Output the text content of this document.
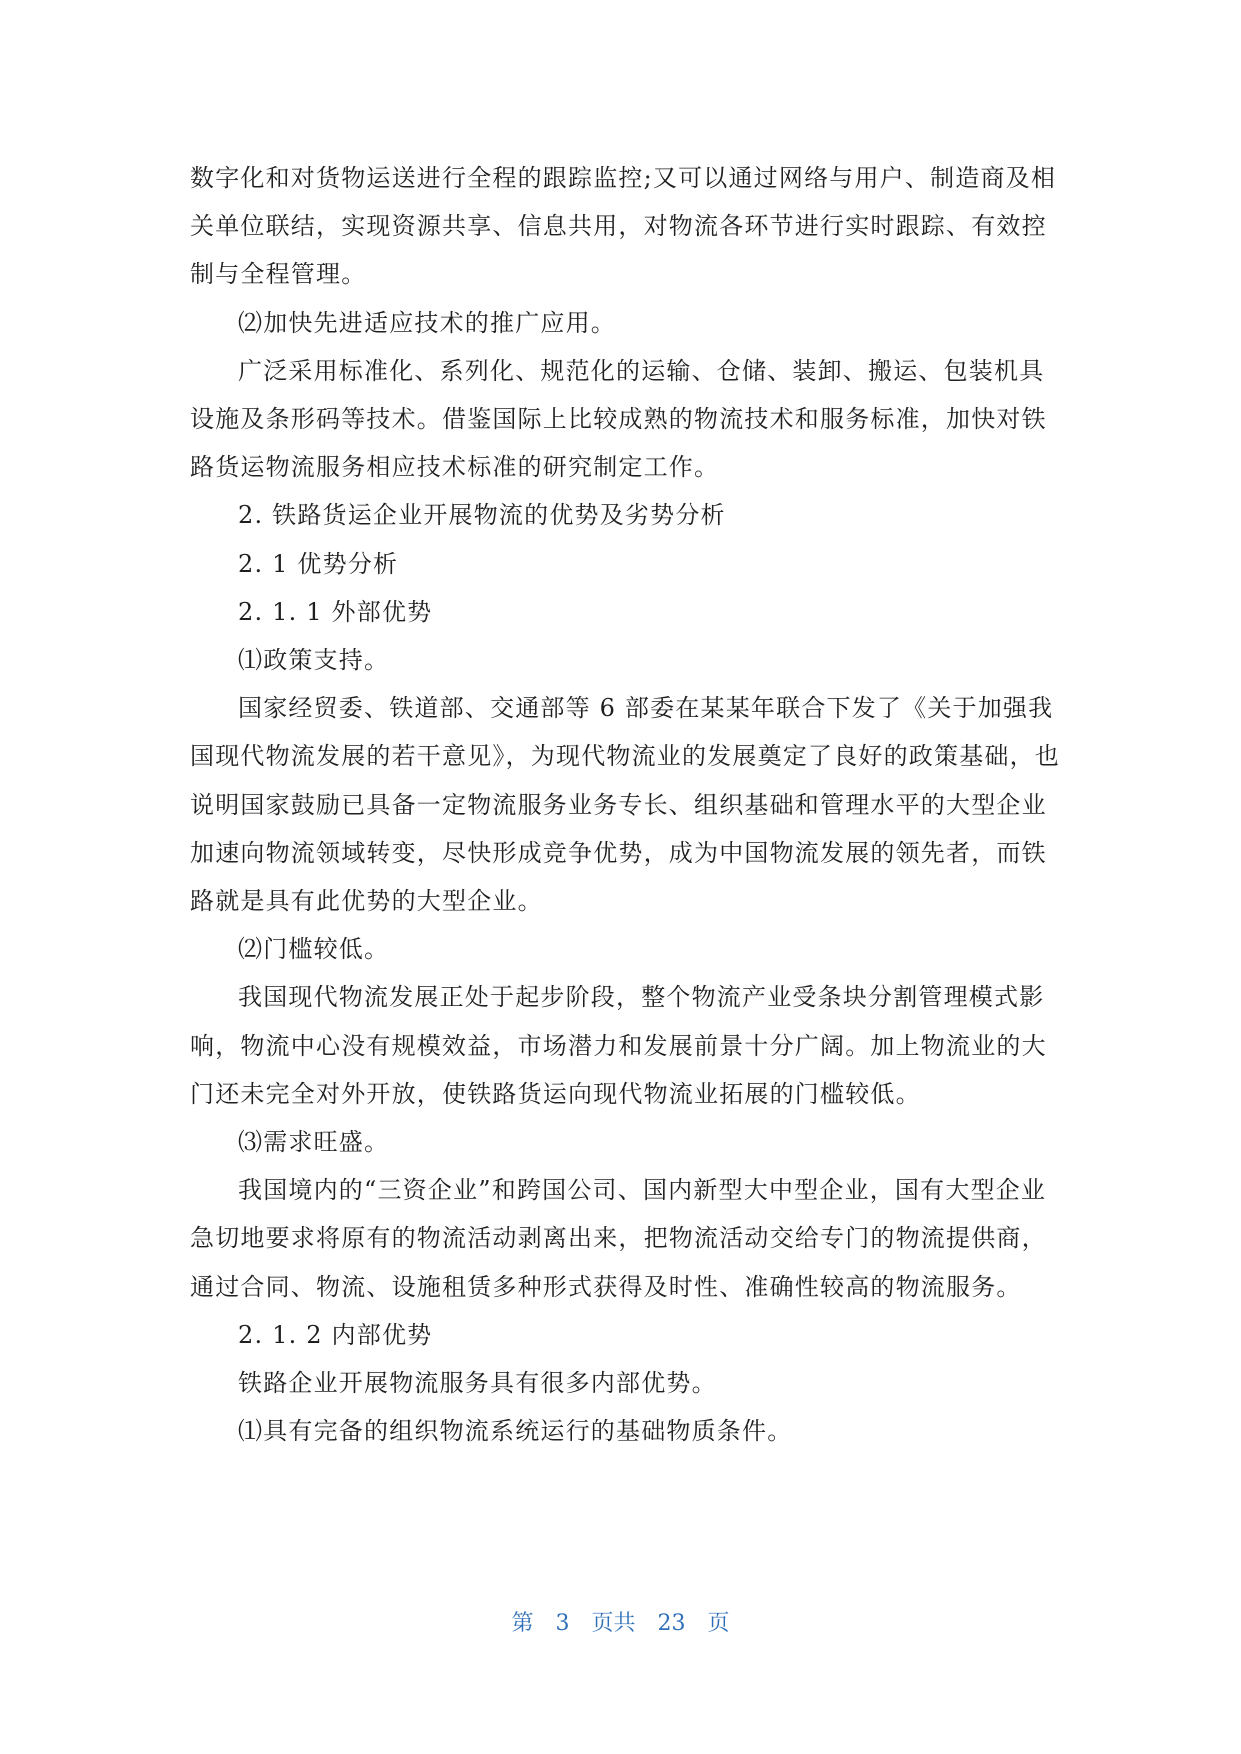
数字化和对货物运送进行全程的跟踪监控;又可以通过网络与用户、制造商及相关单位联结，实现资源共享、信息共用，对物流各环节进行实时跟踪、有效控制与全程管理。

⑵加快先进适应技术的推广应用。

广泛采用标准化、系列化、规范化的运输、仓储、装卸、搬运、包装机具设施及条形码等技术。借鉴国际上比较成熟的物流技术和服务标准，加快对铁路货运物流服务相应技术标准的研究制定工作。

2. 铁路货运企业开展物流的优势及劣势分析

2. 1 优势分析

2. 1. 1 外部优势

⑴政策支持。

国家经贸委、铁道部、交通部等 6 部委在某某年联合下发了《关于加强我国现代物流发展的若干意见》，为现代物流业的发展奠定了良好的政策基础，也说明国家鼓励已具备一定物流服务业务专长、组织基础和管理水平的大型企业加速向物流领域转变，尽快形成竞争优势，成为中国物流发展的领先者，而铁路就是具有此优势的大型企业。

⑵门槛较低。

我国现代物流发展正处于起步阶段，整个物流产业受条块分割管理模式影响，物流中心没有规模效益，市场潜力和发展前景十分广阔。加上物流业的大门还未完全对外开放，使铁路货运向现代物流业拓展的门槛较低。

⑶需求旺盛。

我国境内的“三资企业”和跨国公司、国内新型大中型企业，国有大型企业急切地要求将原有的物流活动剥离出来，把物流活动交给专门的物流提供商，通过合同、物流、设施租赁多种形式获得及时性、准确性较高的物流服务。

2. 1. 2 内部优势

铁路企业开展物流服务具有很多内部优势。

⑴具有完备的组织物流系统运行的基础物质条件。

第 3 页共 23 页
